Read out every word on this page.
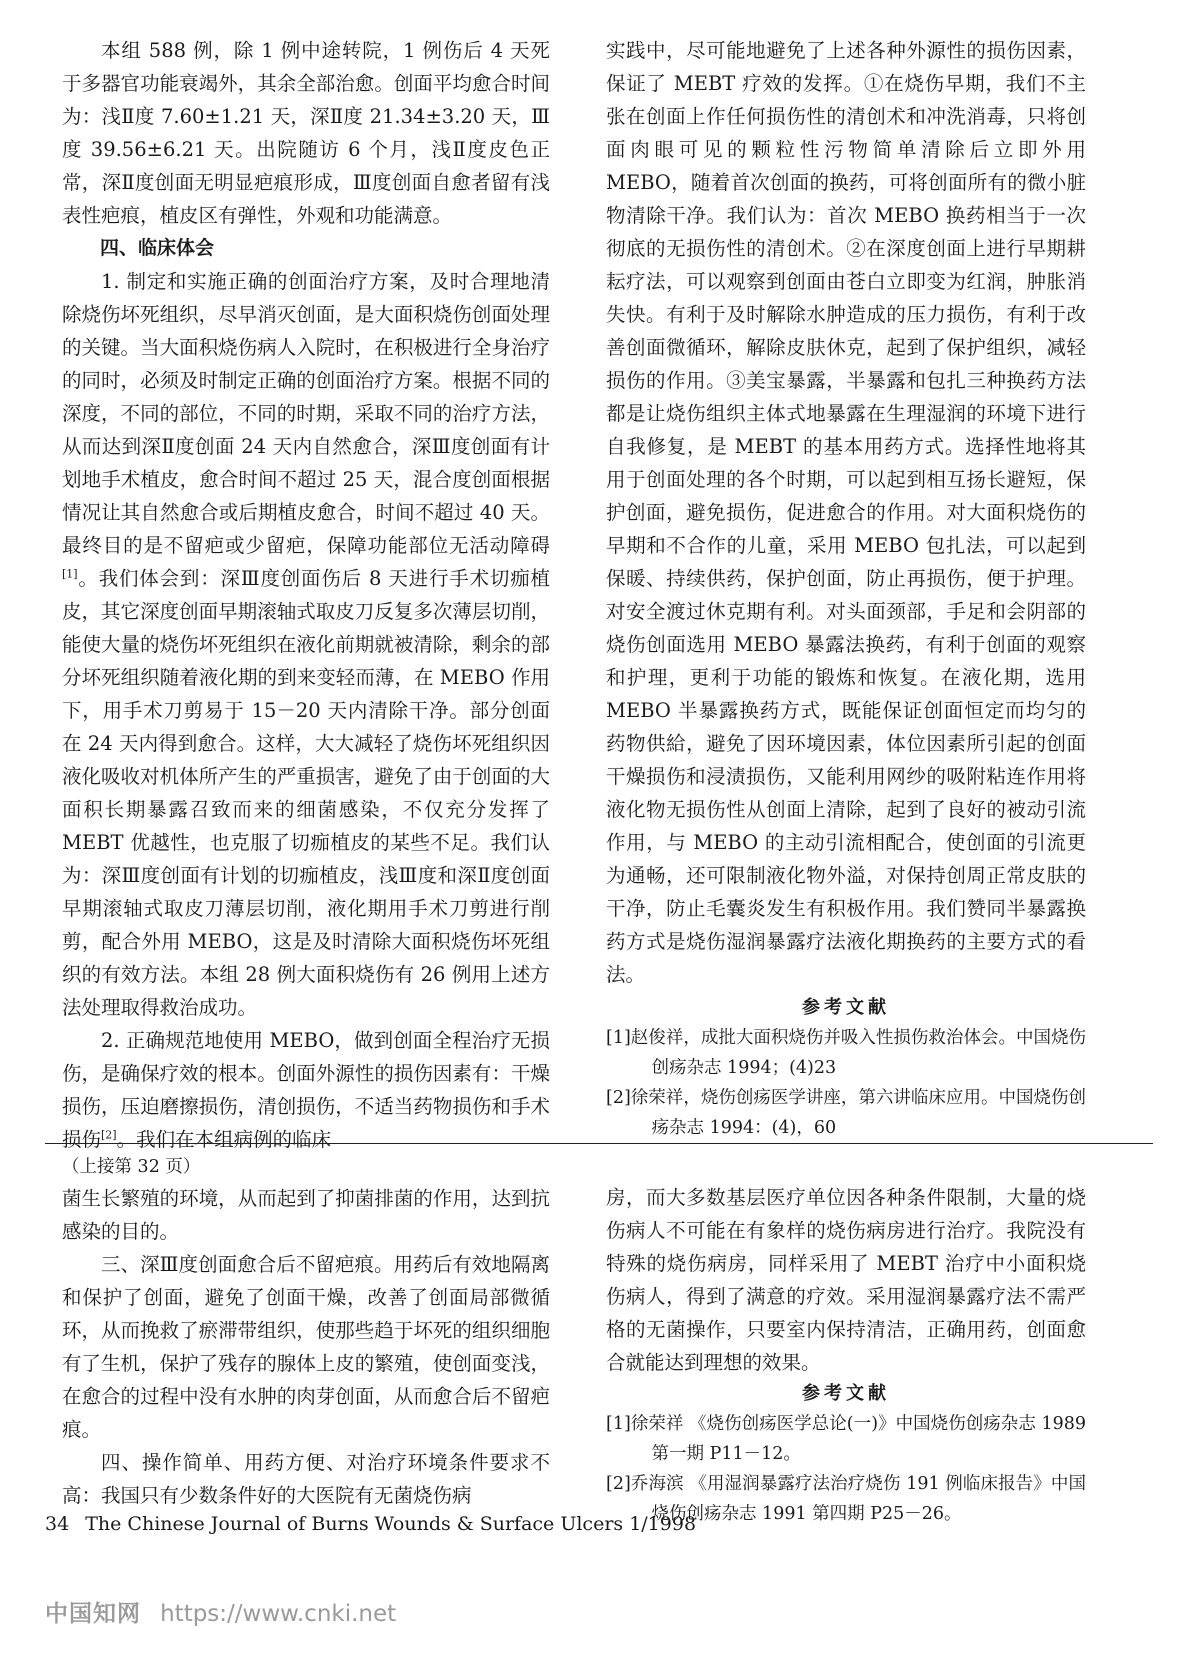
本组 588 例，除 1 例中途转院，1 例伤后 4 天死于多器官功能衰竭外，其余全部治愈。创面平均愈合时间为：浅Ⅱ度 7.60±1.21 天，深Ⅱ度 21.34±3.20 天，Ⅲ度 39.56±6.21 天。出院随访 6 个月，浅Ⅱ度皮色正常，深Ⅱ度创面无明显疤痕形成，Ⅲ度创面自愈者留有浅表性疤痕，植皮区有弹性，外观和功能满意。

四、临床体会

1. 制定和实施正确的创面治疗方案，及时合理地清除烧伤坏死组织，尽早消灭创面，是大面积烧伤创面处理的关键。当大面积烧伤病人入院时，在积极进行全身治疗的同时，必须及时制定正确的创面治疗方案。根据不同的深度，不同的部位，不同的时期，采取不同的治疗方法，从而达到深Ⅱ度创面 24 天内自然愈合，深Ⅲ度创面有计划地手术植皮，愈合时间不超过 25 天，混合度创面根据情况让其自然愈合或后期植皮愈合，时间不超过 40 天。最终目的是不留疤或少留疤，保障功能部位无活动障碍[1]。我们体会到：深Ⅲ度创面伤后 8 天进行手术切痂植皮，其它深度创面早期滚轴式取皮刀反复多次薄层切削，能使大量的烧伤坏死组织在液化前期就被清除，剩余的部分坏死组织随着液化期的到来变轻而薄，在 MEBO 作用下，用手术刀剪易于 15－20 天内清除干净。部分创面在 24 天内得到愈合。这样，大大减轻了烧伤坏死组织因液化吸收对机体所产生的严重损害，避免了由于创面的大面积长期暴露召致而来的细菌感染，不仅充分发挥了 MEBT 优越性，也克服了切痂植皮的某些不足。我们认为：深Ⅲ度创面有计划的切痂植皮，浅Ⅲ度和深Ⅱ度创面早期滚轴式取皮刀薄层切削，液化期用手术刀剪进行削剪，配合外用 MEBO，这是及时清除大面积烧伤坏死组织的有效方法。本组 28 例大面积烧伤有 26 例用上述方法处理取得救治成功。

2. 正确规范地使用 MEBO，做到创面全程治疗无损伤，是确保疗效的根本。创面外源性的损伤因素有：干燥损伤，压迫磨擦损伤，清创损伤，不适当药物损伤和手术损伤[2]。我们在本组病例的临床

实践中，尽可能地避免了上述各种外源性的损伤因素，保证了 MEBT 疗效的发挥。①在烧伤早期，我们不主张在创面上作任何损伤性的清创术和冲洗消毒，只将创面肉眼可见的颗粒性污物简单清除后立即外用 MEBO，随着首次创面的换药，可将创面所有的微小脏物清除干净。我们认为：首次 MEBO 换药相当于一次彻底的无损伤性的清创术。②在深度创面上进行早期耕耘疗法，可以观察到创面由苍白立即变为红润，肿胀消失快。有利于及时解除水肿造成的压力损伤，有利于改善创面微循环，解除皮肤休克，起到了保护组织，减轻损伤的作用。③美宝暴露，半暴露和包扎三种换药方法都是让烧伤组织主体式地暴露在生理湿润的环境下进行自我修复，是 MEBT 的基本用药方式。选择性地将其用于创面处理的各个时期，可以起到相互扬长避短，保护创面，避免损伤，促进愈合的作用。对大面积烧伤的早期和不合作的儿童，采用 MEBO 包扎法，可以起到保暖、持续供药，保护创面，防止再损伤，便于护理。对安全渡过休克期有利。对头面颈部，手足和会阴部的烧伤创面选用 MEBO 暴露法换药，有利于创面的观察和护理，更利于功能的锻炼和恢复。在液化期，选用 MEBO 半暴露换药方式，既能保证创面恒定而均匀的药物供給，避免了因环境因素，体位因素所引起的创面干燥损伤和浸渍损伤，又能利用网纱的吸附粘连作用将液化物无损伤性从创面上清除，起到了良好的被动引流作用，与 MEBO 的主动引流相配合，使创面的引流更为通畅，还可限制液化物外溢，对保持创周正常皮肤的干净，防止毛囊炎发生有积极作用。我们赞同半暴露换药方式是烧伤湿润暴露疗法液化期换药的主要方式的看法。

参考文献
[1]赵俊祥，成批大面积烧伤并吸入性损伤救治体会。中国烧伤创疡杂志 1994；(4)23
[2]徐荣祥，烧伤创疡医学讲座，第六讲临床应用。中国烧伤创疡杂志 1994：(4)，60
（上接第 32 页）

菌生长繁殖的环境，从而起到了抑菌排菌的作用，达到抗感染的目的。

三、深Ⅲ度创面愈合后不留疤痕。用药后有效地隔离和保护了创面，避免了创面干燥，改善了创面局部微循环，从而挽救了瘀滞带组织，使那些趋于坏死的组织细胞有了生机，保护了残存的腺体上皮的繁殖，使创面变浅，在愈合的过程中没有水肿的肉芽创面，从而愈合后不留疤痕。

四、操作简单、用药方便、对治疗环境条件要求不高：我国只有少数条件好的大医院有无菌烧伤病

房，而大多数基层医疗单位因各种条件限制，大量的烧伤病人不可能在有象样的烧伤病房进行治疗。我院没有特殊的烧伤病房，同样采用了 MEBT 治疗中小面积烧伤病人，得到了满意的疗效。采用湿润暴露疗法不需严格的无菌操作，只要室内保持清洁，正确用药，创面愈合就能达到理想的效果。

参考文献
[1]徐荣祥 《烧伤创疡医学总论(一)》中国烧伤创疡杂志 1989 第一期 P11－12。
[2]乔海滨 《用湿润暴露疗法治疗烧伤 191 例临床报告》中国烧伤创疡杂志 1991 第四期 P25－26。
34 The Chinese Journal of Burns Wounds & Surface Ulcers 1/1998
中国知网 https://www.cnki.net
